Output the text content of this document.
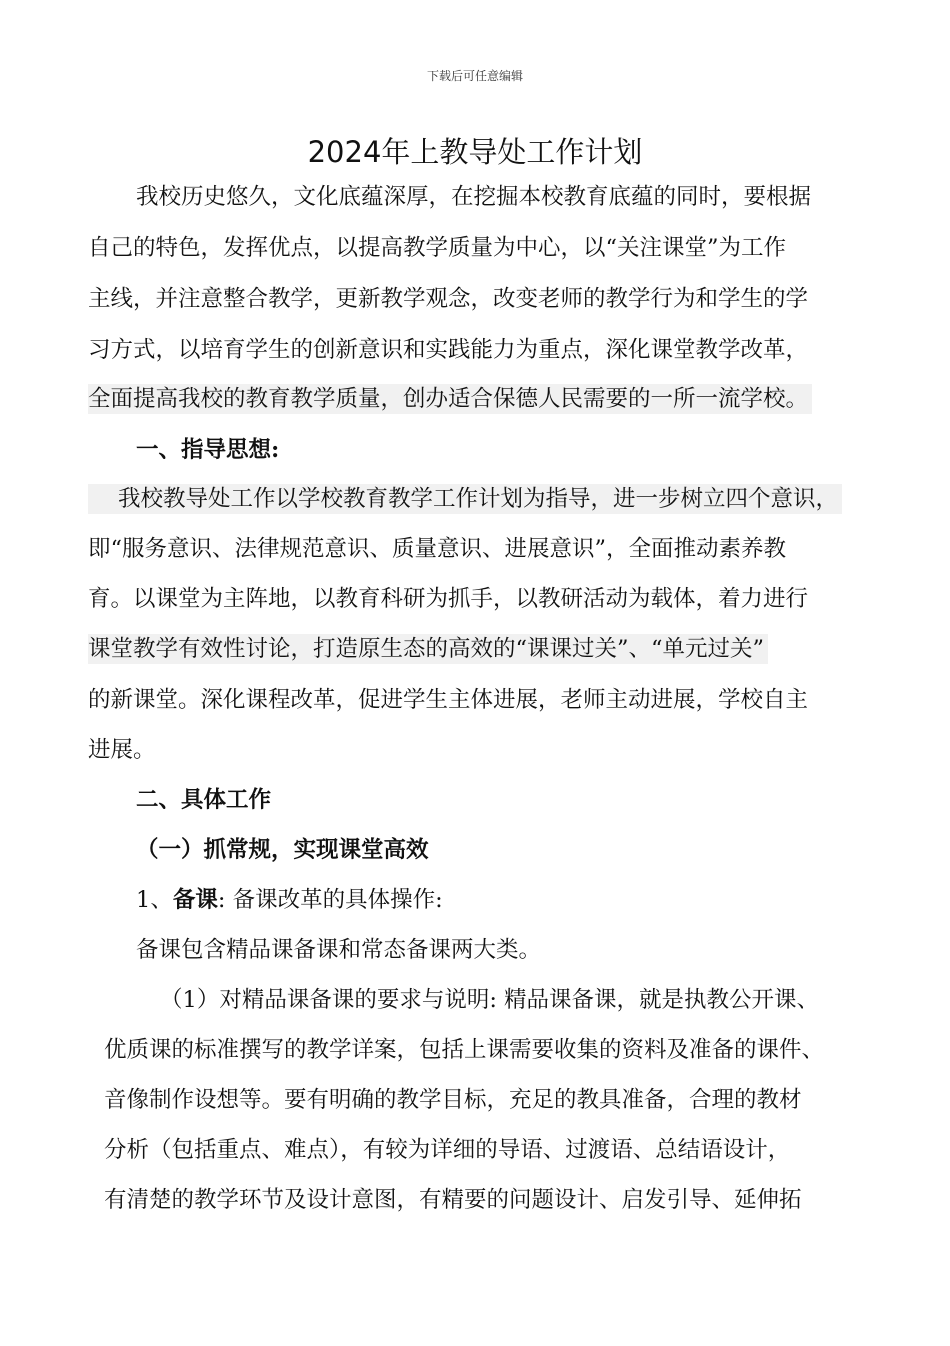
下载后可任意编辑
2024年上教导处工作计划
我校历史悠久，文化底蕴深厚，在挖掘本校教育底蕴的同时，要根据
自己的特色，发挥优点，以提高教学质量为中心，以“关注课堂”为工作
主线，并注意整合教学，更新教学观念，改变老师的教学行为和学生的学
习方式，以培育学生的创新意识和实践能力为重点，深化课堂教学改革，
全面提高我校的教育教学质量，创办适合保德人民需要的一所一流学校。
一、指导思想:
我校教导处工作以学校教育教学工作计划为指导，进一步树立四个意识，
即“服务意识、法律规范意识、质量意识、进展意识”，全面推动素养教
育。以课堂为主阵地，以教育科研为抓手，以教研活动为载体，着力进行
课堂教学有效性讨论，打造原生态的高效的“课课过关”、“单元过关”
的新课堂。深化课程改革，促进学生主体进展，老师主动进展，学校自主
进展。
二、具体工作
（一）抓常规，实现课堂高效
1、备课: 备课改革的具体操作:
备课包含精品课备课和常态备课两大类。
（1）对精品课备课的要求与说明: 精品课备课，就是执教公开课、
优质课的标准撰写的教学详案，包括上课需要收集的资料及准备的课件、
音像制作设想等。要有明确的教学目标，充足的教具准备，合理的教材
分析（包括重点、难点），有较为详细的导语、过渡语、总结语设计，
有清楚的教学环节及设计意图，有精要的问题设计、启发引导、延伸拓
